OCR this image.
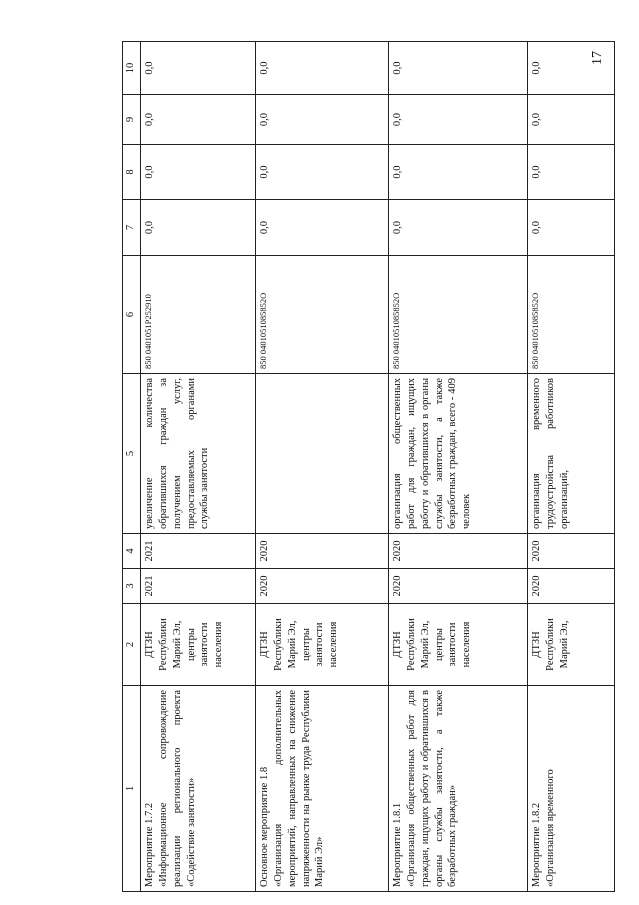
17
1	2	3	4	5	6	7	8	9	10

Мероприятие 1.7.2
«Информационное сопровождение реализации регионального проекта «Содействие занятости»	ДТЗН Республики Марий Эл, центры занятости населения	2021	2021	увеличение количества обратившихся граждан за получением услуг, предоставляемых органами службы занятости	850 0401051P252910	0,0	0,0	0,0	0,0

Основное мероприятие 1.8
«Организация дополнительных мероприятий, направленных на снижение напряженности на рынке труда Республики Марий Эл»	ДТЗН Республики Марий Эл, центры занятости населения	2020	2020		850 0401051085852О	0,0	0,0	0,0	0,0

Мероприятие 1.8.1
«Организация общественных работ для граждан, ищущих работу и обратившихся в органы службы занятости, а также безработных граждан»	ДТЗН Республики Марий Эл, центры занятости населения	2020	2020	организация общественных работ для граждан, ищущих работу и обратившихся в органы службы занятости, а также безработных граждан, всего - 409 человек	850 0401051085852О	0,0	0,0	0,0	0,0

Мероприятие 1.8.2
«Организация временного	ДТЗН Республики Марий Эл,	2020	2020	организация временного трудоустройства работников организаций,	850 0401051085852О	0,0	0,0	0,0	0,0
